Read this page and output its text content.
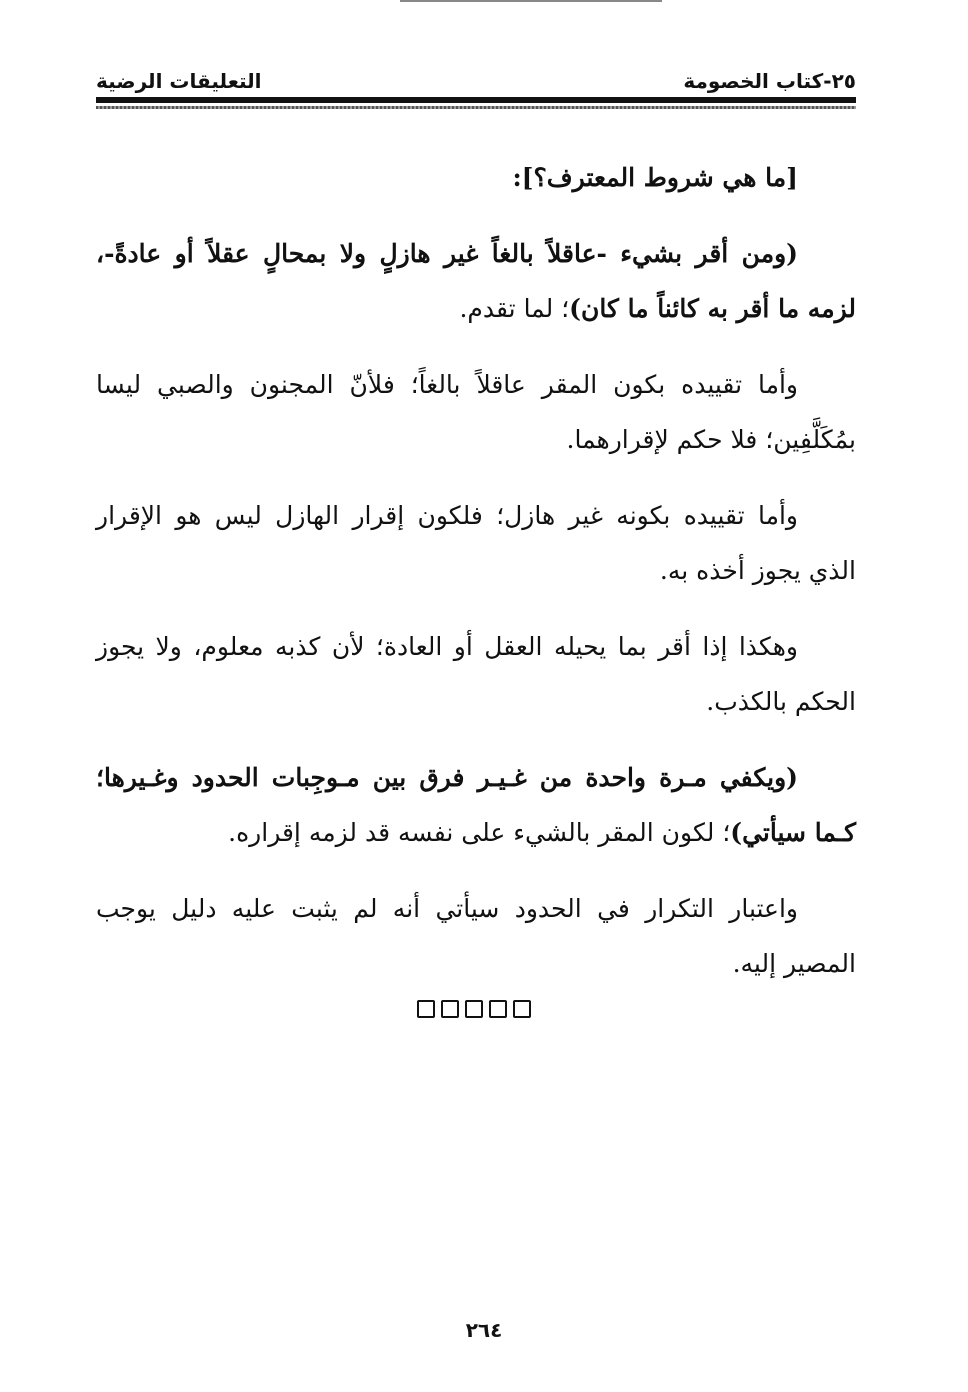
٢٥-كتاب الخصومة
التعليقات الرضية

[ما هي شروط المعترف؟]:

(ومن أقر بشيء -عاقلاً بالغاً غير هازلٍ ولا بمحالٍ عقلاً أو عادةً-، لزمه ما أقر به كائناً ما كان)؛ لما تقدم.

وأما تقييده بكون المقر عاقلاً بالغاً؛ فلأنّ المجنون والصبي ليسا بمُكَلَّفِين؛ فلا حكم لإقرارهما.

وأما تقييده بكونه غير هازل؛ فلكون إقرار الهازل ليس هو الإقرار الذي يجوز أخذه به.

وهكذا إذا أقر بما يحيله العقل أو العادة؛ لأن كذبه معلوم، ولا يجوز الحكم بالكذب.

(ويكفي مـرة واحدة من غـيـر فرق بين مـوجِبات الحدود وغـيرها؛ كـما سيأتي)؛ لكون المقر بالشيء على نفسه قد لزمه إقراره.

واعتبار التكرار في الحدود سيأتي أنه لم يثبت عليه دليل يوجب المصير إليه.

٢٦٤
